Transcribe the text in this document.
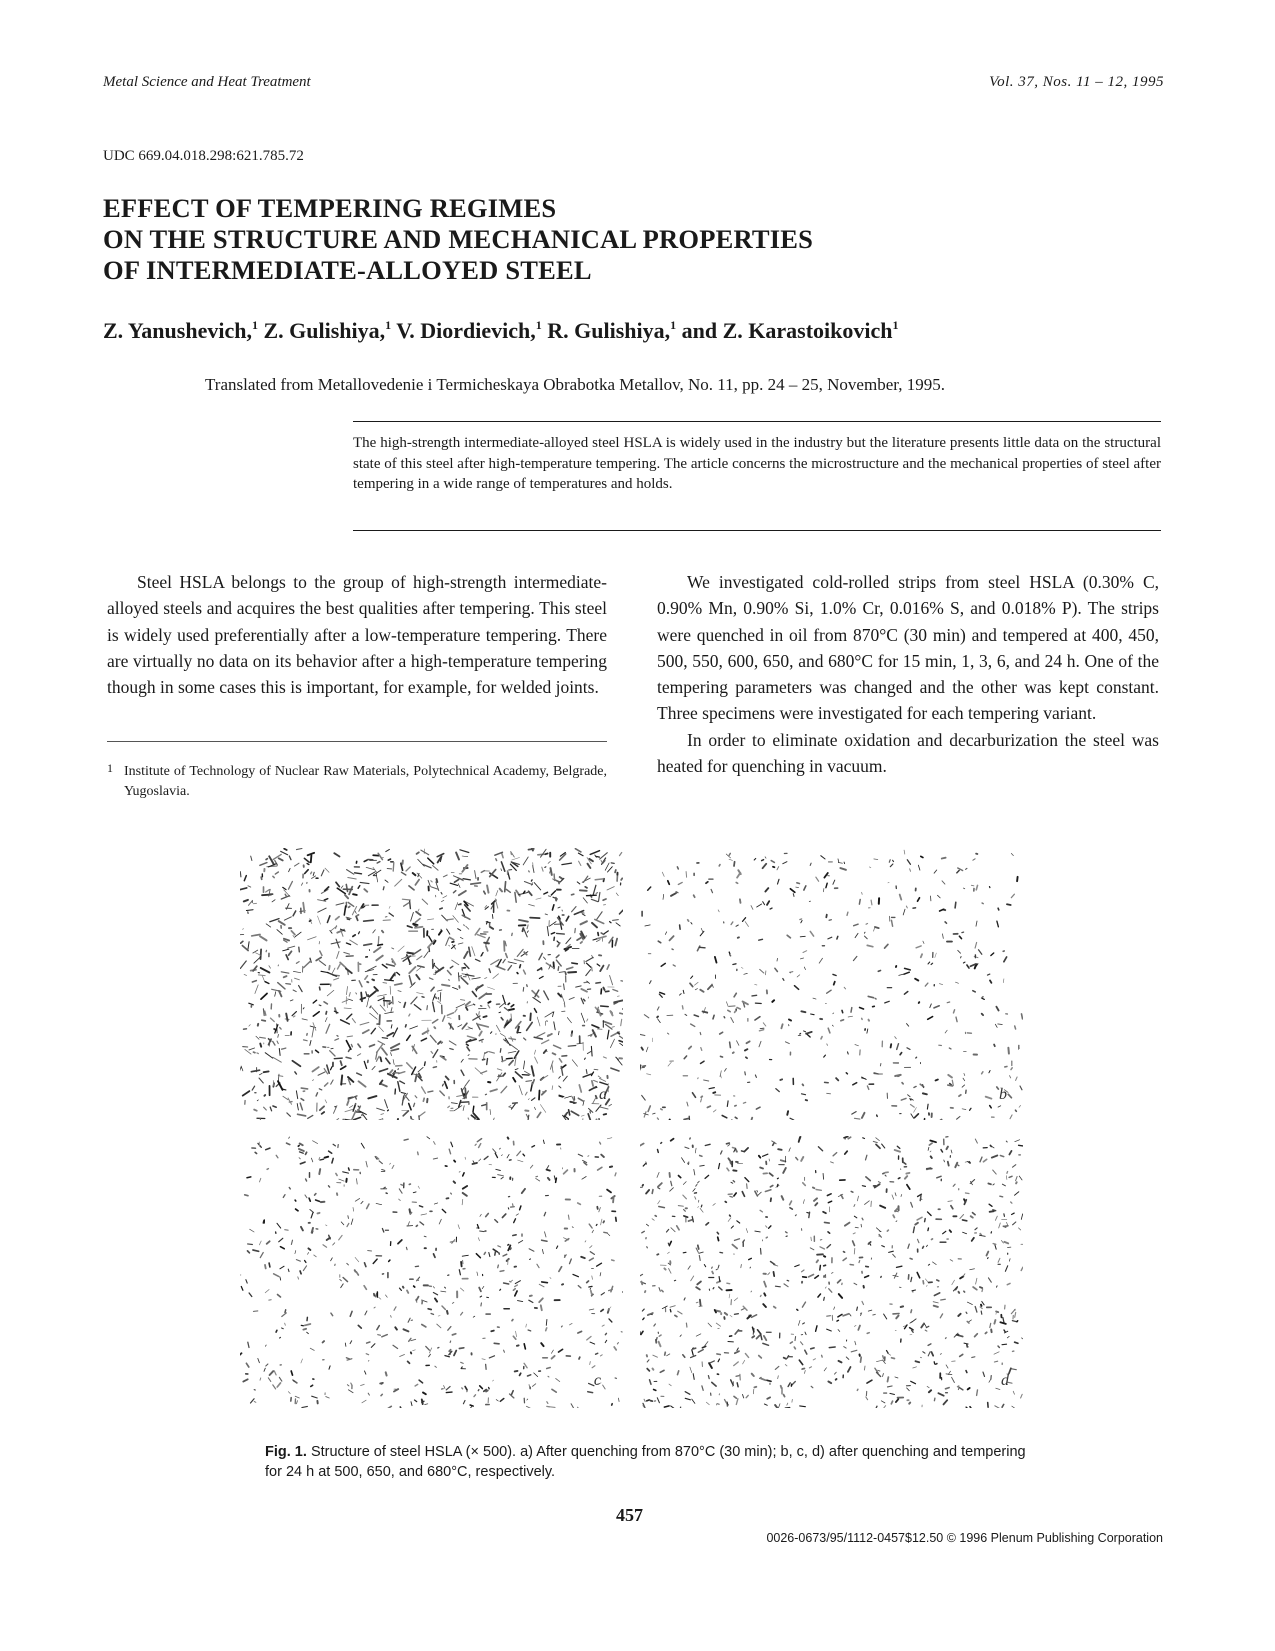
Metal Science and Heat Treatment	Vol. 37, Nos. 11 – 12, 1995
UDC 669.04.018.298:621.785.72
EFFECT OF TEMPERING REGIMES
ON THE STRUCTURE AND MECHANICAL PROPERTIES
OF INTERMEDIATE-ALLOYED STEEL
Z. Yanushevich,$^1$ Z. Gulishiya,$^1$ V. Diordievich,$^1$ R. Gulishiya,$^1$ and Z. Karastoikovich$^1$
Translated from Metallovedenie i Termicheskaya Obrabotka Metallov, No. 11, pp. 24 – 25, November, 1995.
The high-strength intermediate-alloyed steel HSLA is widely used in the industry but the literature presents little data on the structural state of this steel after high-temperature tempering. The article concerns the microstructure and the mechanical properties of steel after tempering in a wide range of temperatures and holds.

Steel HSLA belongs to the group of high-strength intermediate-alloyed steels and acquires the best qualities after tempering. This steel is widely used preferentially after a low-temperature tempering. There are virtually no data on its behavior after a high-temperature tempering though in some cases this is important, for example, for welded joints.

1 Institute of Technology of Nuclear Raw Materials, Polytechnical Academy, Belgrade, Yugoslavia.

We investigated cold-rolled strips from steel HSLA (0.30% C, 0.90% Mn, 0.90% Si, 1.0% Cr, 0.016% S, and 0.018% P). The strips were quenched in oil from 870°C (30 min) and tempered at 400, 450, 500, 550, 600, 650, and 680°C for 15 min, 1, 3, 6, and 24 h. One of the tempering parameters was changed and the other was kept constant. Three specimens were investigated for each tempering variant.

In order to eliminate oxidation and decarburization the steel was heated for quenching in vacuum.

a	b
c	d
Fig. 1. Structure of steel HSLA (× 500). a) After quenching from 870°C (30 min); b, c, d) after quenching and tempering for 24 h at 500, 650, and 680°C, respectively.
457
0026-0673/95/1112-0457$12.50 © 1996 Plenum Publishing Corporation
